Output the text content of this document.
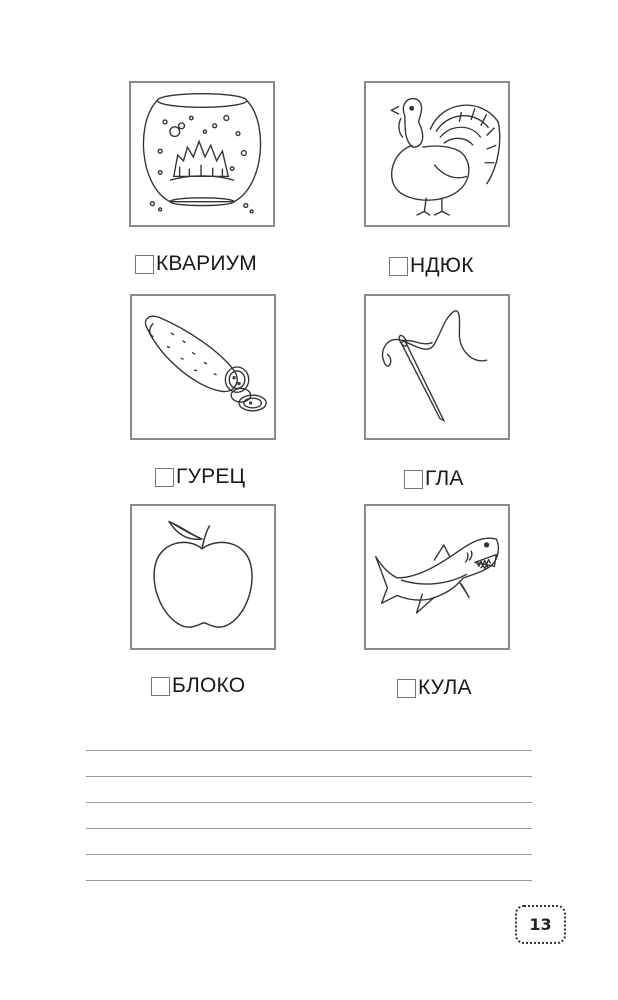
КВАРИУМ	НДЮК
ГУРЕЦ	ГЛА
БЛОКО	КУЛА
13
